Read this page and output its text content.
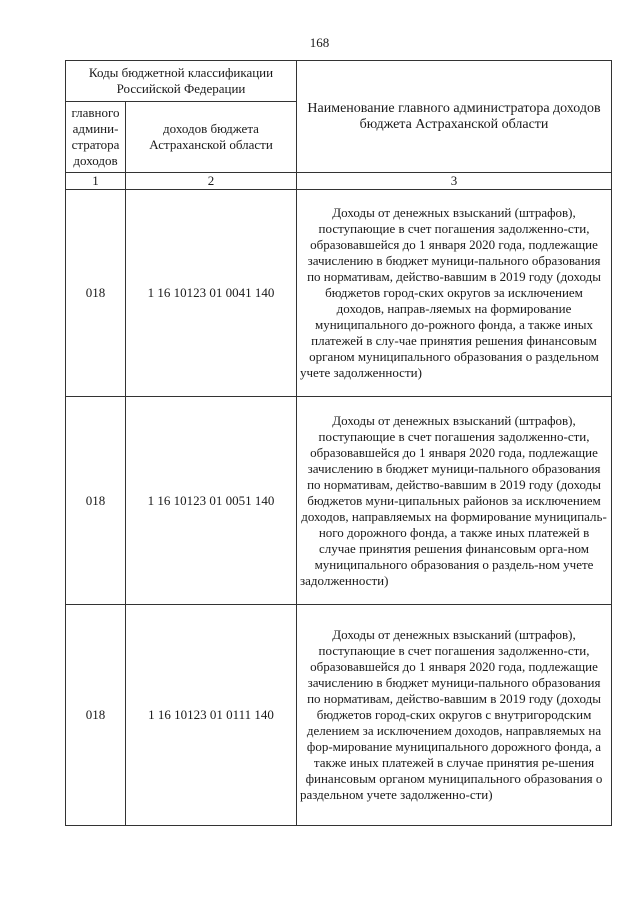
168
Коды бюджетной классификации Российской Федерации		Наименование главного администратора доходов бюджета Астраханской области
главного админи-стратора доходов	доходов бюджета Астраханской области	
1	2	3
018	1 16 10123 01 0041 140	Доходы от денежных взысканий (штрафов), поступающие в счет погашения задолженно-сти, образовавшейся до 1 января 2020 года, подлежащие зачислению в бюджет муници-пального образования по нормативам, действо-вавшим в 2019 году (доходы бюджетов город-ских округов за исключением доходов, направ-ляемых на формирование муниципального до-рожного фонда, а также иных платежей в слу-чае принятия решения финансовым органом муниципального образования о раздельном учете задолженности)
018	1 16 10123 01 0051 140	Доходы от денежных взысканий (штрафов), поступающие в счет погашения задолженно-сти, образовавшейся до 1 января 2020 года, подлежащие зачислению в бюджет муници-пального образования по нормативам, действо-вавшим в 2019 году (доходы бюджетов муни-ципальных районов за исключением доходов, направляемых на формирование муниципаль-ного дорожного фонда, а также иных платежей в случае принятия решения финансовым орга-ном муниципального образования о раздель-ном учете задолженности)
018	1 16 10123 01 0111 140	Доходы от денежных взысканий (штрафов), поступающие в счет погашения задолженно-сти, образовавшейся до 1 января 2020 года, подлежащие зачислению в бюджет муници-пального образования по нормативам, действо-вавшим в 2019 году (доходы бюджетов город-ских округов с внутригородским делением за исключением доходов, направляемых на фор-мирование муниципального дорожного фонда, а также иных платежей в случае принятия ре-шения финансовым органом муниципального образования о раздельном учете задолженно-сти)
